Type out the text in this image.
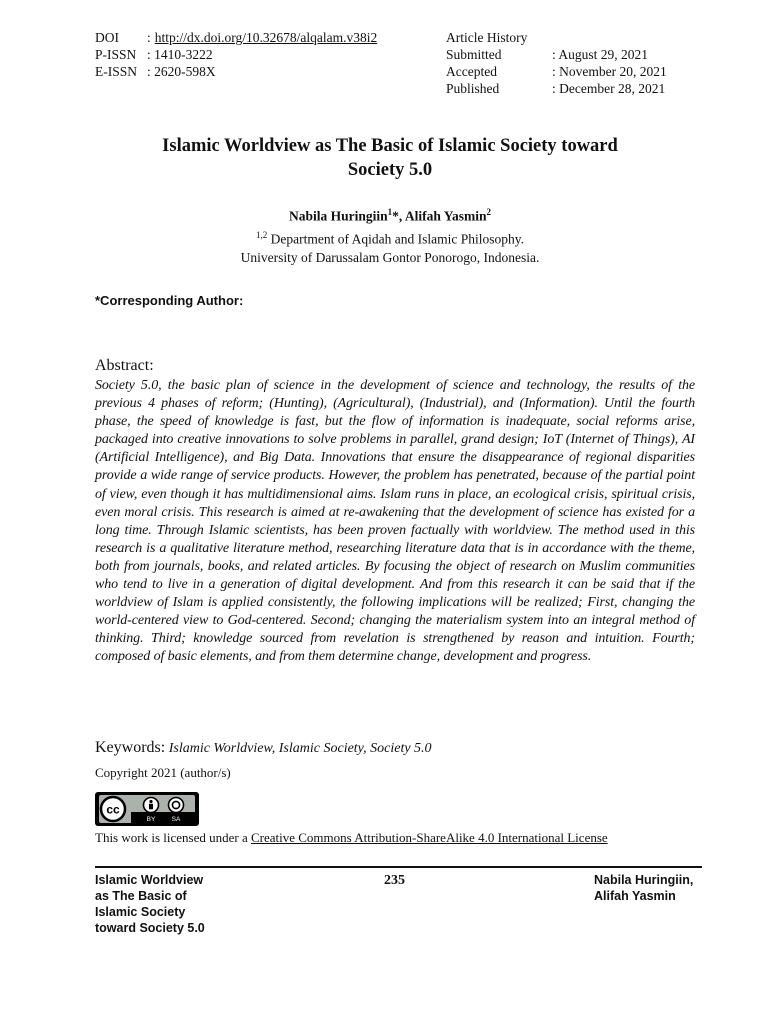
DOI	: http://dx.doi.org/10.32678/alqalam.v38i2
P-ISSN : 1410-3222
E-ISSN : 2620-598X
Article History
Submitted	: August 29, 2021
Accepted	: November 20, 2021
Published	: December 28, 2021
Islamic Worldview as The Basic of Islamic Society toward
Society 5.0
Nabila Huringiin$^1$*, Alifah Yasmin$^2$
$^{1,2}$ Department of Aqidah and Islamic Philosophy.
University of Darussalam Gontor Ponorogo, Indonesia.
*Corresponding Author:
Abstract:
Society 5.0, the basic plan of science in the development of science and technology, the results of the previous 4 phases of reform; (Hunting), (Agricultural), (Industrial), and (Information). Until the fourth phase, the speed of knowledge is fast, but the flow of information is inadequate, social reforms arise, packaged into creative innovations to solve problems in parallel, grand design; IoT (Internet of Things), AI (Artificial Intelligence), and Big Data. Innovations that ensure the disappearance of regional disparities provide a wide range of service products. However, the problem has penetrated, because of the partial point of view, even though it has multidimensional aims. Islam runs in place, an ecological crisis, spiritual crisis, even moral crisis. This research is aimed at re-awakening that the development of science has existed for a long time. Through Islamic scientists, has been proven factually with worldview. The method used in this research is a qualitative literature method, researching literature data that is in accordance with the theme, both from journals, books, and related articles. By focusing the object of research on Muslim communities who tend to live in a generation of digital development. And from this research it can be said that if the worldview of Islam is applied consistently, the following implications will be realized; First, changing the world-centered view to God-centered. Second; changing the materialism system into an integral method of thinking. Third; knowledge sourced from revelation is strengthened by reason and intuition. Fourth; composed of basic elements, and from them determine change, development and progress.
Keywords: Islamic Worldview, Islamic Society, Society 5.0
Copyright 2021 (author/s)
cc
BY	SA
This work is licensed under a Creative Commons Attribution-ShareAlike 4.0 International License
Islamic Worldview
as The Basic of
Islamic Society
toward Society 5.0
235	Nabila Huringiin,
Alifah Yasmin
